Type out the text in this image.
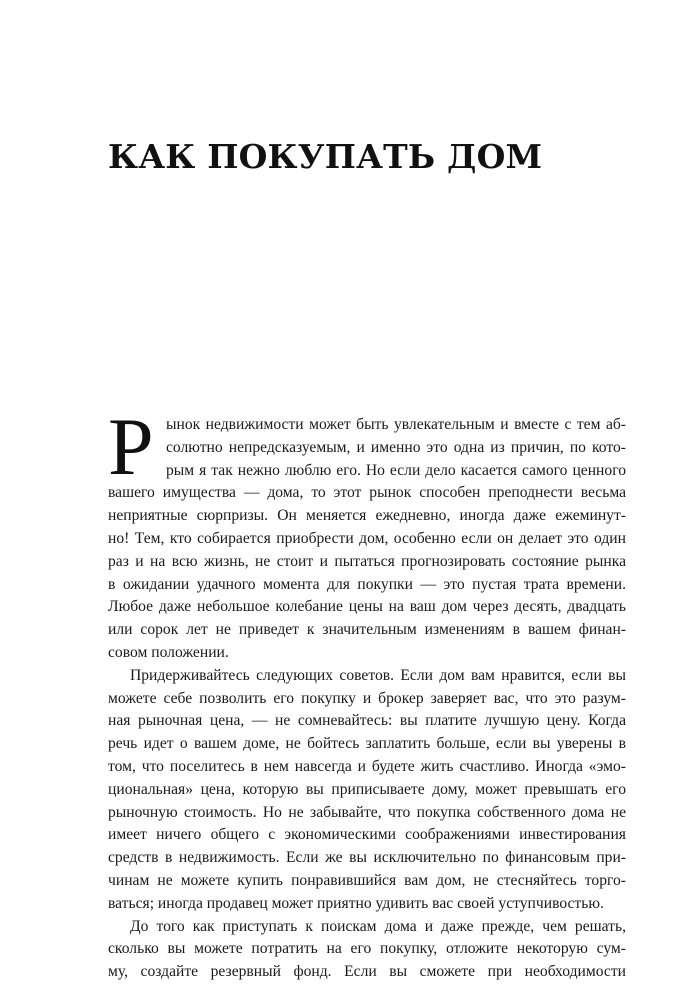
КАК ПОКУПАТЬ ДОМ
Р ынок недвижимости может быть увлекательным и вместе с тем аб-
солютно непредсказуемым, и именно это одна из причин, по кото-
рым я так нежно люблю его. Но если дело касается самого ценного
вашего имущества — дома, то этот рынок способен преподнести весьма
неприятные сюрпризы. Он меняется ежедневно, иногда даже ежеминут-
но! Тем, кто собирается приобрести дом, особенно если он делает это один
раз и на всю жизнь, не стоит и пытаться прогнозировать состояние рынка
в ожидании удачного момента для покупки — это пустая трата времени.
Любое даже небольшое колебание цены на ваш дом через десять, двадцать
или сорок лет не приведет к значительным изменениям в вашем финан-
совом положении.
Придерживайтесь следующих советов. Если дом вам нравится, если вы
можете себе позволить его покупку и брокер заверяет вас, что это разум-
ная рыночная цена, — не сомневайтесь: вы платите лучшую цену. Когда
речь идет о вашем доме, не бойтесь заплатить больше, если вы уверены в
том, что поселитесь в нем навсегда и будете жить счастливо. Иногда «эмо-
циональная» цена, которую вы приписываете дому, может превышать его
рыночную стоимость. Но не забывайте, что покупка собственного дома не
имеет ничего общего с экономическими соображениями инвестирования
средств в недвижимость. Если же вы исключительно по финансовым при-
чинам не можете купить понравившийся вам дом, не стесняйтесь торго-
ваться; иногда продавец может приятно удивить вас своей уступчивостью.
До того как приступать к поискам дома и даже прежде, чем решать,
сколько вы можете потратить на его покупку, отложите некоторую сум-
му, создайте резервный фонд. Если вы сможете при необходимости
